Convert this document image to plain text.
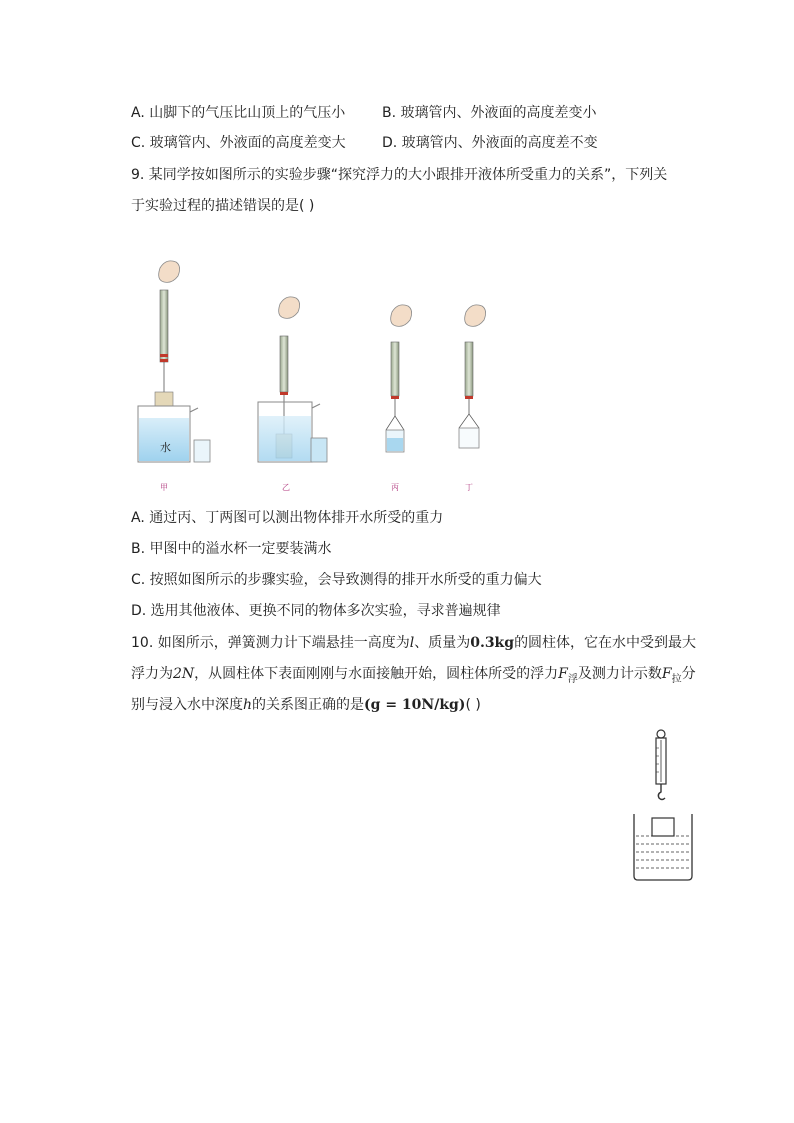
A. 山脚下的气压比山顶上的气压小	B. 玻璃管内、外液面的高度差变小
C. 玻璃管内、外液面的高度差变大	D. 玻璃管内、外液面的高度差不变
9. 某同学按如图所示的实验步骤“探究浮力的大小跟排开液体所受重力的关系”，下列关
于实验过程的描述错误的是( )
水
甲	乙	丙	丁
A. 通过丙、丁两图可以测出物体排开水所受的重力
B. 甲图中的溢水杯一定要装满水
C. 按照如图所示的步骤实验，会导致测得的排开水所受的重力偏大
D. 选用其他液体、更换不同的物体多次实验，寻求普遍规律
10. 如图所示，弹簧测力计下端悬挂一高度为l、质量为0.3kg的圆柱体，它在水中受到最大
浮力为2N，从圆柱体下表面刚刚与水面接触开始，圆柱体所受的浮力$F_浮$及测力计示数$F_拉$分
别与浸入水中深度h的关系图正确的是(g = 10N/kg)( )
